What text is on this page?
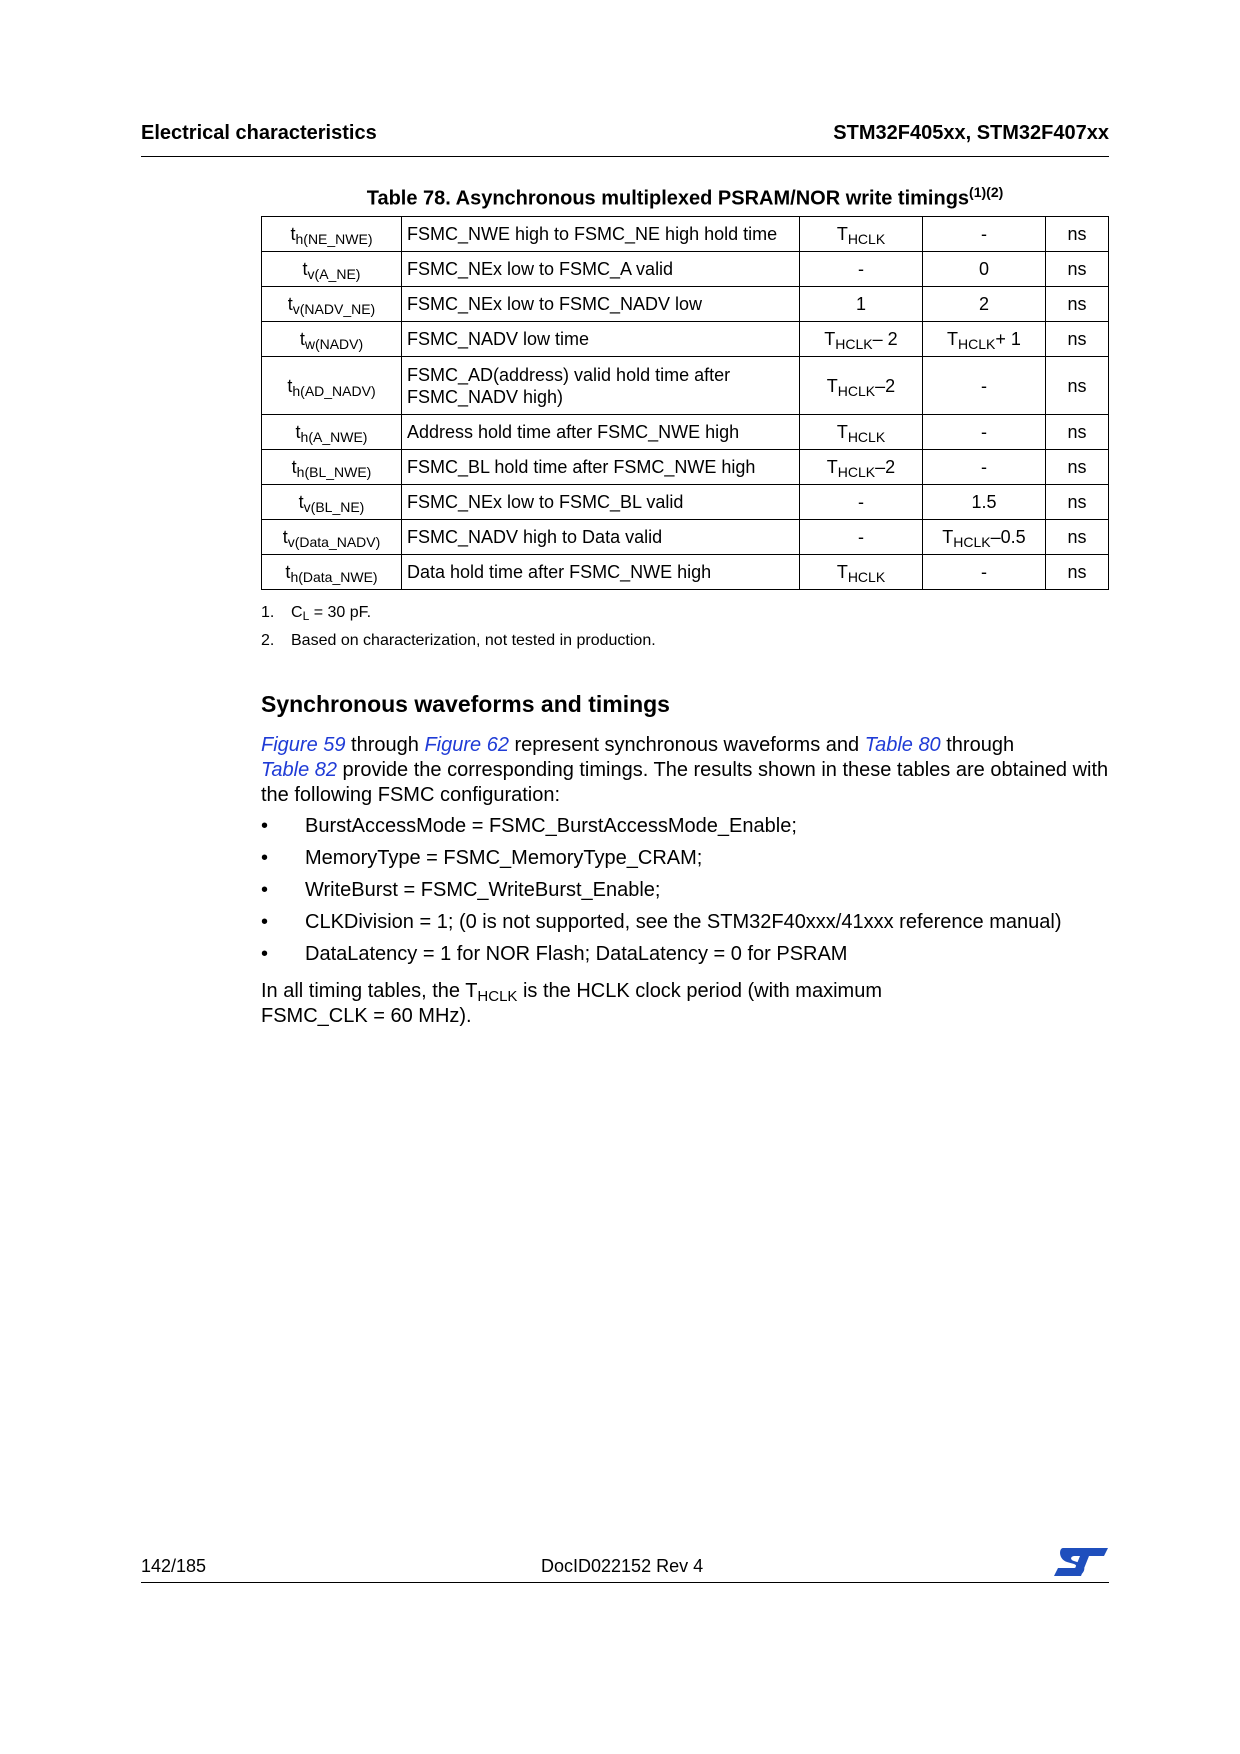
Electrical characteristics	STM32F405xx, STM32F407xx
Table 78. Asynchronous multiplexed PSRAM/NOR write timings$^{(1)(2)}$
$t_{h(NE\_NWE)}$	FSMC_NWE high to FSMC_NE high hold time	$T_{HCLK}$	-	ns
$t_{v(A\_NE)}$	FSMC_NEx low to FSMC_A valid	-	0	ns
$t_{v(NADV\_NE)}$	FSMC_NEx low to FSMC_NADV low	1	2	ns
$t_{w(NADV)}$	FSMC_NADV low time	$T_{HCLK}-$ 2	$T_{HCLK}+ 1$	ns
$t_{h(AD\_NADV)}$	FSMC_AD(address) valid hold time after FSMC_NADV high)	$T_{HCLK}-2$	-	ns
$t_{h(A\_NWE)}$	Address hold time after FSMC_NWE high	$T_{HCLK}$	-	ns
$t_{h(BL\_NWE)}$	FSMC_BL hold time after FSMC_NWE high	$T_{HCLK}-2$	-	ns
$t_{v(BL\_NE)}$	FSMC_NEx low to FSMC_BL valid	-	1.5	ns
$t_{v(Data\_NADV)}$	FSMC_NADV high to Data valid	-	$T_{HCLK}-0.5$	ns
$t_{h(Data\_NWE)}$	Data hold time after FSMC_NWE high	$T_{HCLK}$	-	ns
1. $C_L = 30$ pF.
2. Based on characterization, not tested in production.
Synchronous waveforms and timings
Figure 59 through Figure 62 represent synchronous waveforms and Table 80 through
Table 82 provide the corresponding timings. The results shown in these tables are obtained with the following FSMC configuration:
• BurstAccessMode = FSMC_BurstAccessMode_Enable;
• MemoryType = FSMC_MemoryType_CRAM;
• WriteBurst = FSMC_WriteBurst_Enable;
• CLKDivision = 1; (0 is not supported, see the STM32F40xxx/41xxx reference manual)
• DataLatency = 1 for NOR Flash; DataLatency = 0 for PSRAM
In all timing tables, the $T_{HCLK}$ is the HCLK clock period (with maximum
FSMC_CLK = 60 MHz).
142/185	DocID022152 Rev 4
